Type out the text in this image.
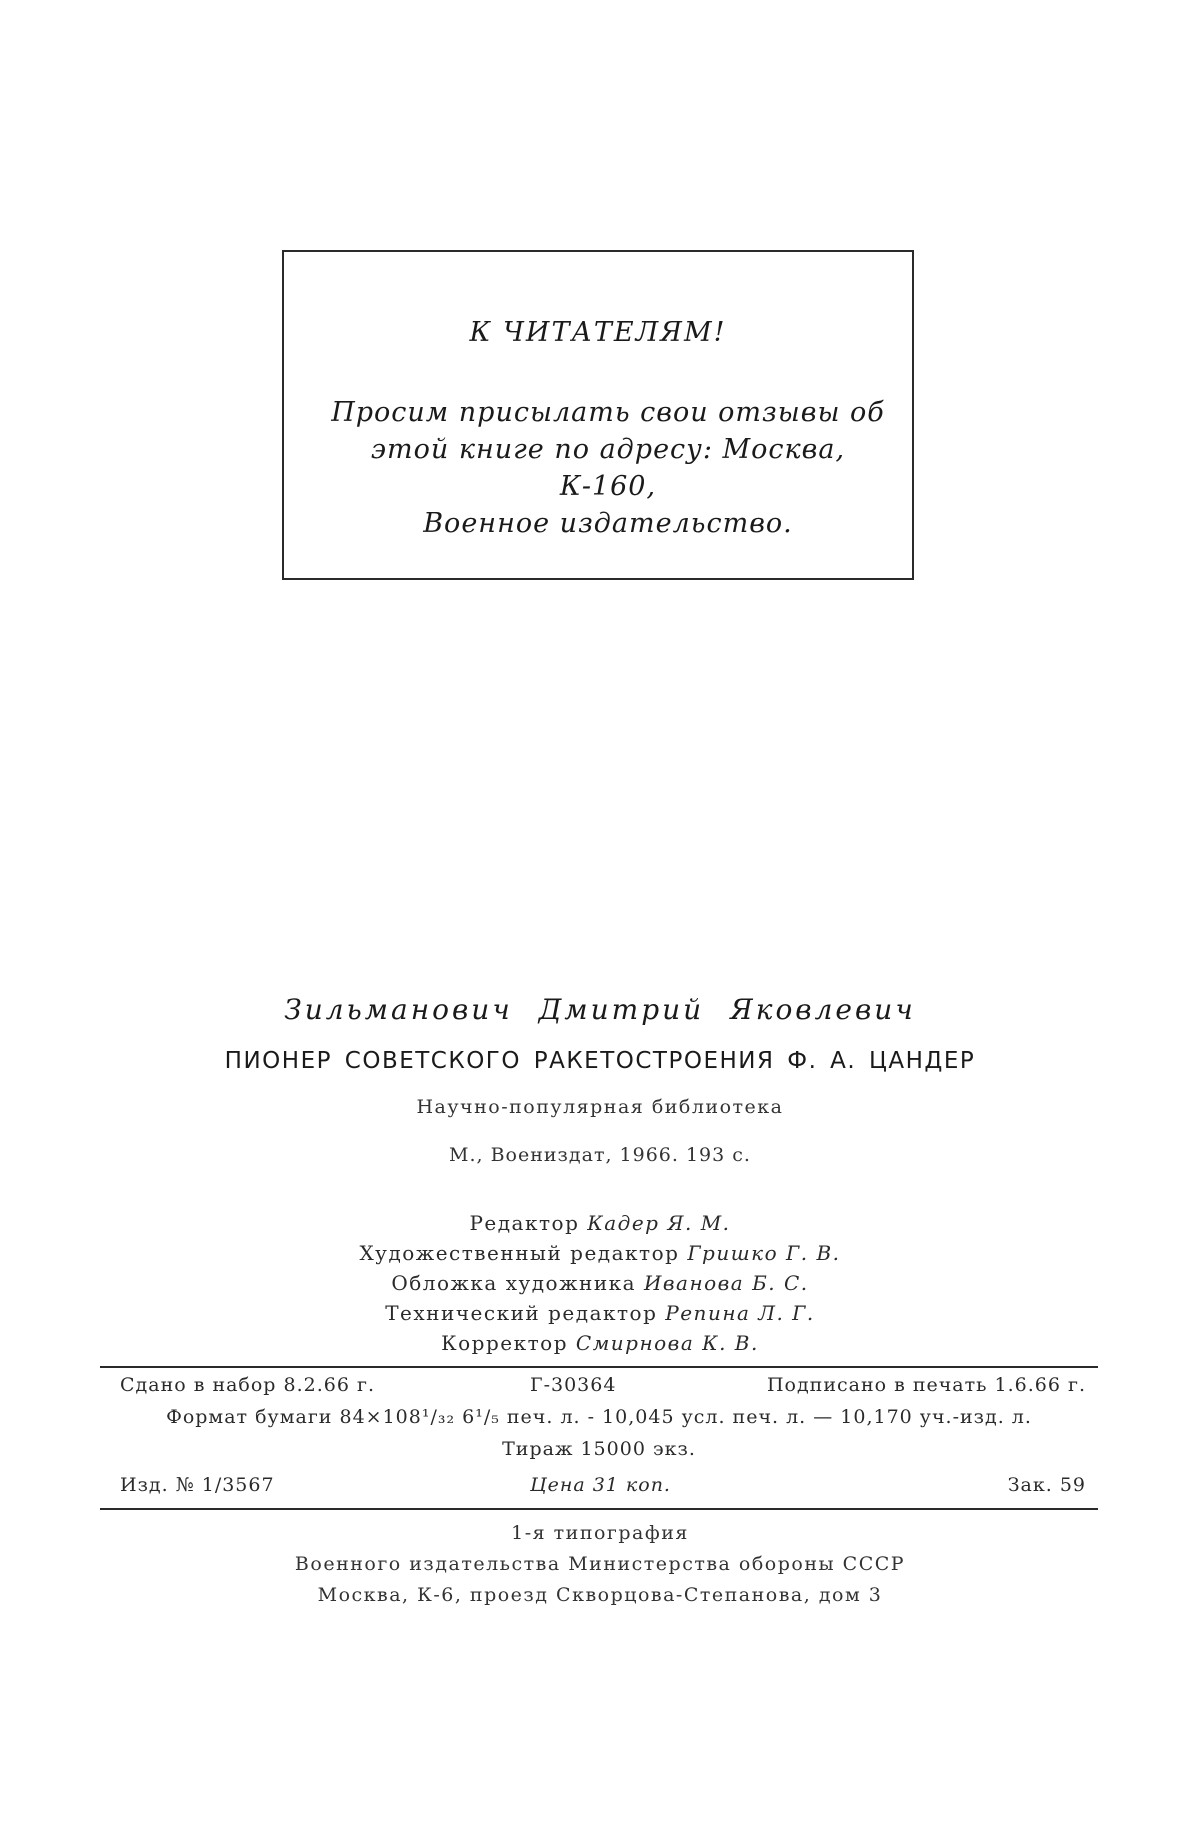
К ЧИТАТЕЛЯМ!
Просим присылать свои отзывы об
этой книге по адресу: Москва, К-160,
Военное издательство.
Зильманович Дмитрий Яковлевич
ПИОНЕР СОВЕТСКОГО РАКЕТОСТРОЕНИЯ Ф. А. ЦАНДЕР
Научно-популярная библиотека
М., Воениздат, 1966. 193 с.
Редактор Кадер Я. М.
Художественный редактор Гришко Г. В.
Обложка художника Иванова Б. С.
Технический редактор Репина Л. Г.
Корректор Смирнова К. В.
Сдано в набор 8.2.66 г.	Г-30364	Подписано в печать 1.6.66 г.
Формат бумаги 84×108¹/₃₂ 6¹/₅ печ. л. - 10,045 усл. печ. л. — 10,170 уч.-изд. л.
Тираж 15000 экз.
Изд. № 1/3567	Цена 31 коп.	Зак. 59
1-я типография
Военного издательства Министерства обороны СССР
Москва, К-6, проезд Скворцова-Степанова, дом 3
